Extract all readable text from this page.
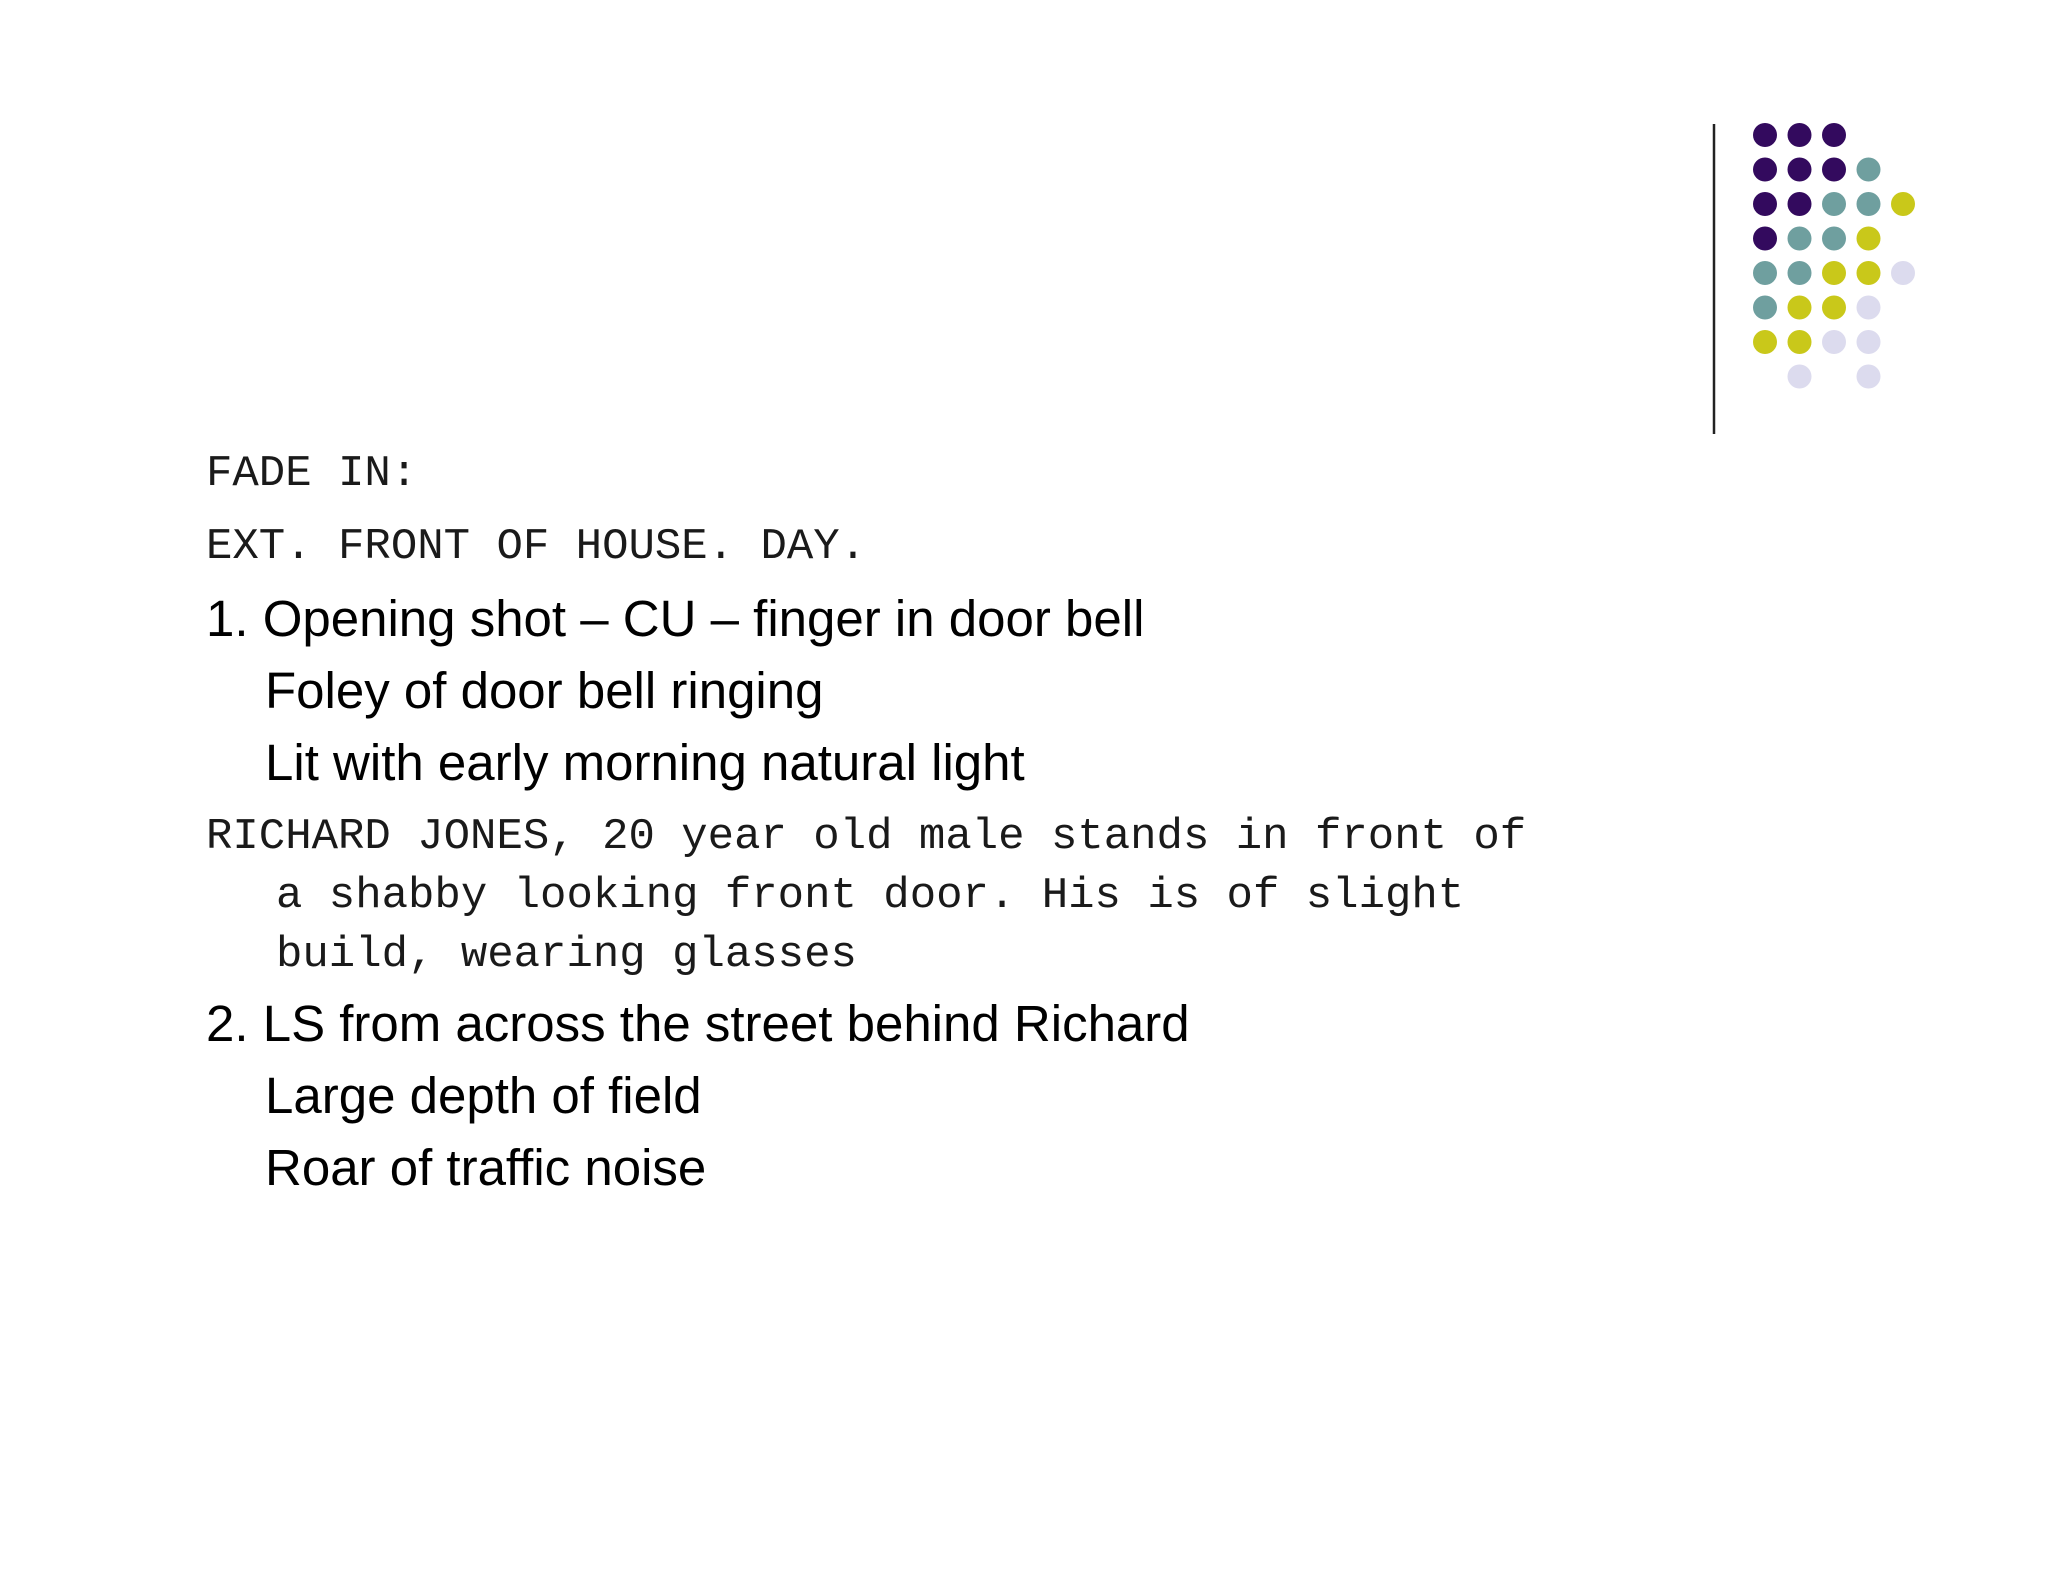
FADE IN:

EXT. FRONT OF HOUSE. DAY.

1. Opening shot – CU – finger in door bell

Foley of door bell ringing

Lit with early morning natural light

RICHARD JONES, 20 year old male stands in front of

a shabby looking front door. His is of slight

build, wearing glasses

2. LS from across the street behind Richard

Large depth of field

Roar of traffic noise
